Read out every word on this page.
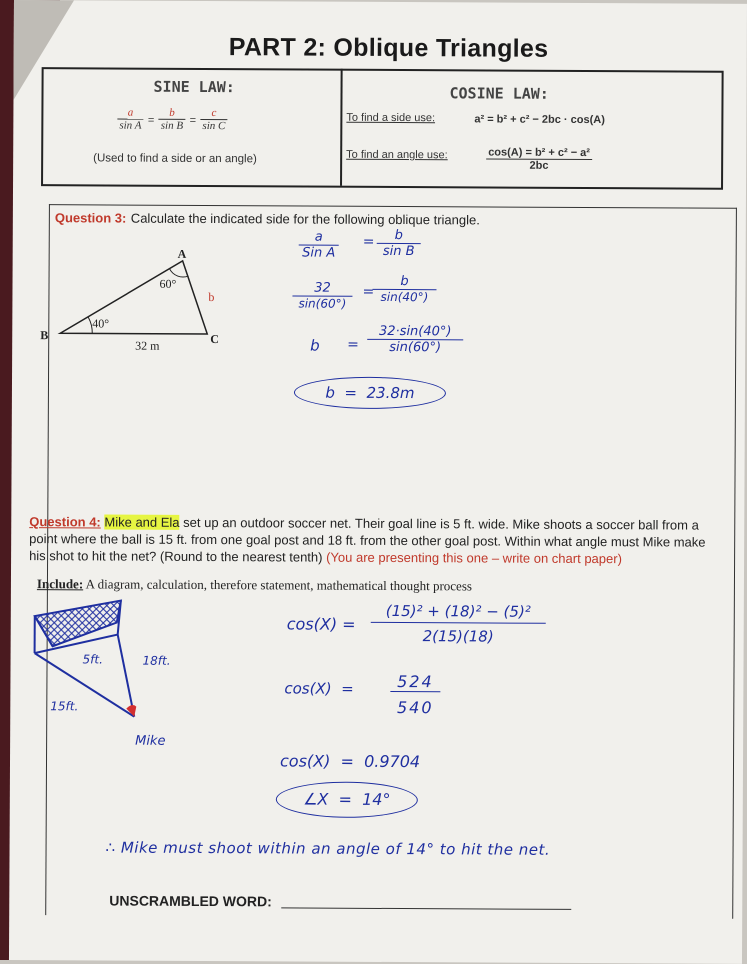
PART 2: Oblique Triangles
SINE LAW:
$\frac{a}{\text{sin A}} = \frac{b}{\text{sin B}} = \frac{c}{\text{sin C}}$
(Used to find a side or an angle)
COSINE LAW:
To find a side use:	a² = b² + c² − 2bc · cos(A)
To find an angle use:	$\frac{\text{cos(A) = b² + c² − a²}}{2bc}$
Question 3: Calculate the indicated side for the following oblique triangle.
A
B	C
60°
40°
b
32 m
a
Sin A
=	b
sin B
32
sin(60°)
=
b
sin(40°)
b =
32·sin(40°)
sin(60°)
b  =  23.8m
Question 4: Mike and Ela set up an outdoor soccer net. Their goal line is 5 ft. wide. Mike shoots a soccer ball from a point where the ball is 15 ft. from one goal post and 18 ft. from the other goal post. Within what angle must Mike make his shot to hit the net? (Round to the nearest tenth) (You are presenting this one – write on chart paper)
Include: A diagram, calculation, therefore statement, mathematical thought process
5ft.
15ft.
18ft.
Mike
cos(X) =
(15)² + (18)² − (5)²
2(15)(18)
cos(X)  =	524
540
cos(X)  =  0.9704
∠X  =  14°
∴ Mike must shoot within an angle of 14° to hit the net.
UNSCRAMBLED WORD:
